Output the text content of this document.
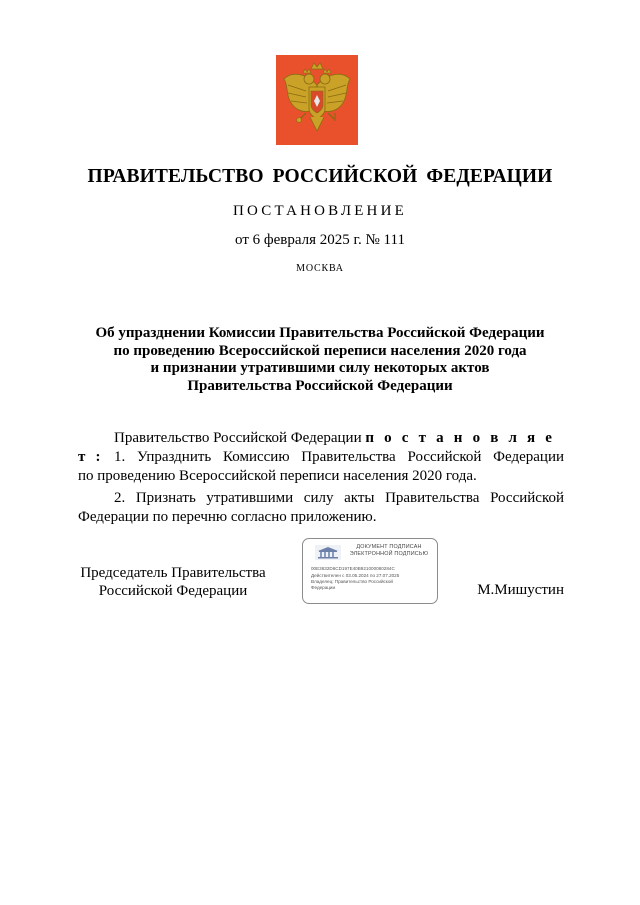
ПРАВИТЕЛЬСТВО РОССИЙСКОЙ ФЕДЕРАЦИИ
ПОСТАНОВЛЕНИЕ
от 6 февраля 2025 г. № 111
МОСКВА
Об упразднении Комиссии Правительства Российской Федерации
по проведению Всероссийской переписи населения 2020 года
и признании утратившими силу некоторых актов
Правительства Российской Федерации
Правительство Российской Федерации п о с т а н о в л я е т : 1. Упразднить Комиссию Правительства Российской Федерации
по проведению Всероссийской переписи населения 2020 года.
2. Признать утратившими силу акты Правительства Российской
Федерации по перечню согласно приложению.
Председатель Правительства
Российской Федерации	М.Мишустин
ДОКУМЕНТ ПОДПИСАН
ЭЛЕКТРОННОЙ ПОДПИСЬЮ
00E3632D6CD197E40B921000080284C
Действителен с 03.05.2024 по 27.07.2025
Владелец: Правительство Российской
Федерации
